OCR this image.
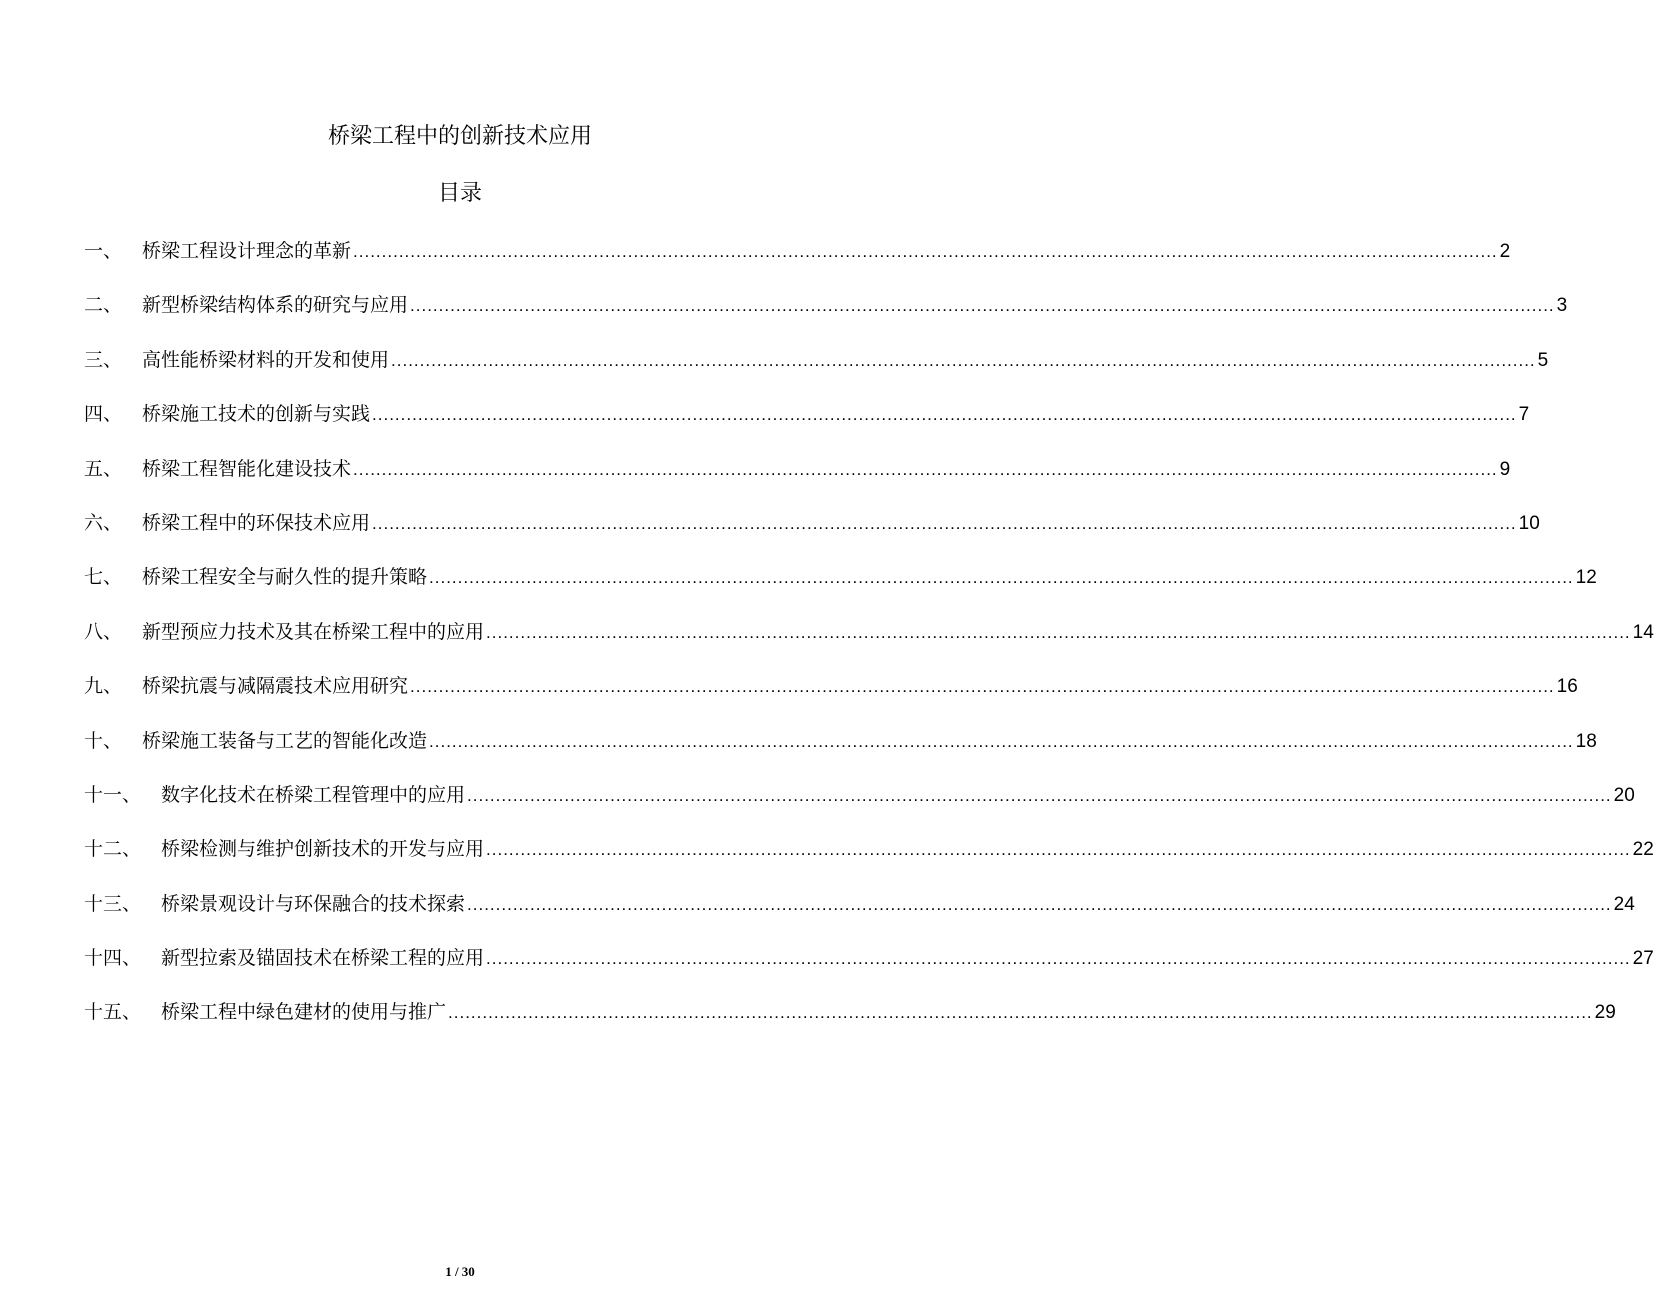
桥梁工程中的创新技术应用
目录
一、	桥梁工程设计理念的革新 ........................................................................................................................................................................................................ 2
二、	新型桥梁结构体系的研究与应用 ........................................................................................................................................................................................................ 3
三、	高性能桥梁材料的开发和使用 ........................................................................................................................................................................................................ 5
四、	桥梁施工技术的创新与实践 ........................................................................................................................................................................................................ 7
五、	桥梁工程智能化建设技术 ........................................................................................................................................................................................................ 9
六、	桥梁工程中的环保技术应用 ........................................................................................................................................................................................................ 10
七、	桥梁工程安全与耐久性的提升策略 ........................................................................................................................................................................................................ 12
八、	新型预应力技术及其在桥梁工程中的应用 ........................................................................................................................................................................................................ 14
九、	桥梁抗震与减隔震技术应用研究 ........................................................................................................................................................................................................ 16
十、	桥梁施工装备与工艺的智能化改造 ........................................................................................................................................................................................................ 18
十一、	数字化技术在桥梁工程管理中的应用 ........................................................................................................................................................................................................ 20
十二、	桥梁检测与维护创新技术的开发与应用 ........................................................................................................................................................................................................ 22
十三、	桥梁景观设计与环保融合的技术探索 ........................................................................................................................................................................................................ 24
十四、	新型拉索及锚固技术在桥梁工程的应用 ........................................................................................................................................................................................................ 27
十五、	桥梁工程中绿色建材的使用与推广 ........................................................................................................................................................................................................ 29
1 / 30
